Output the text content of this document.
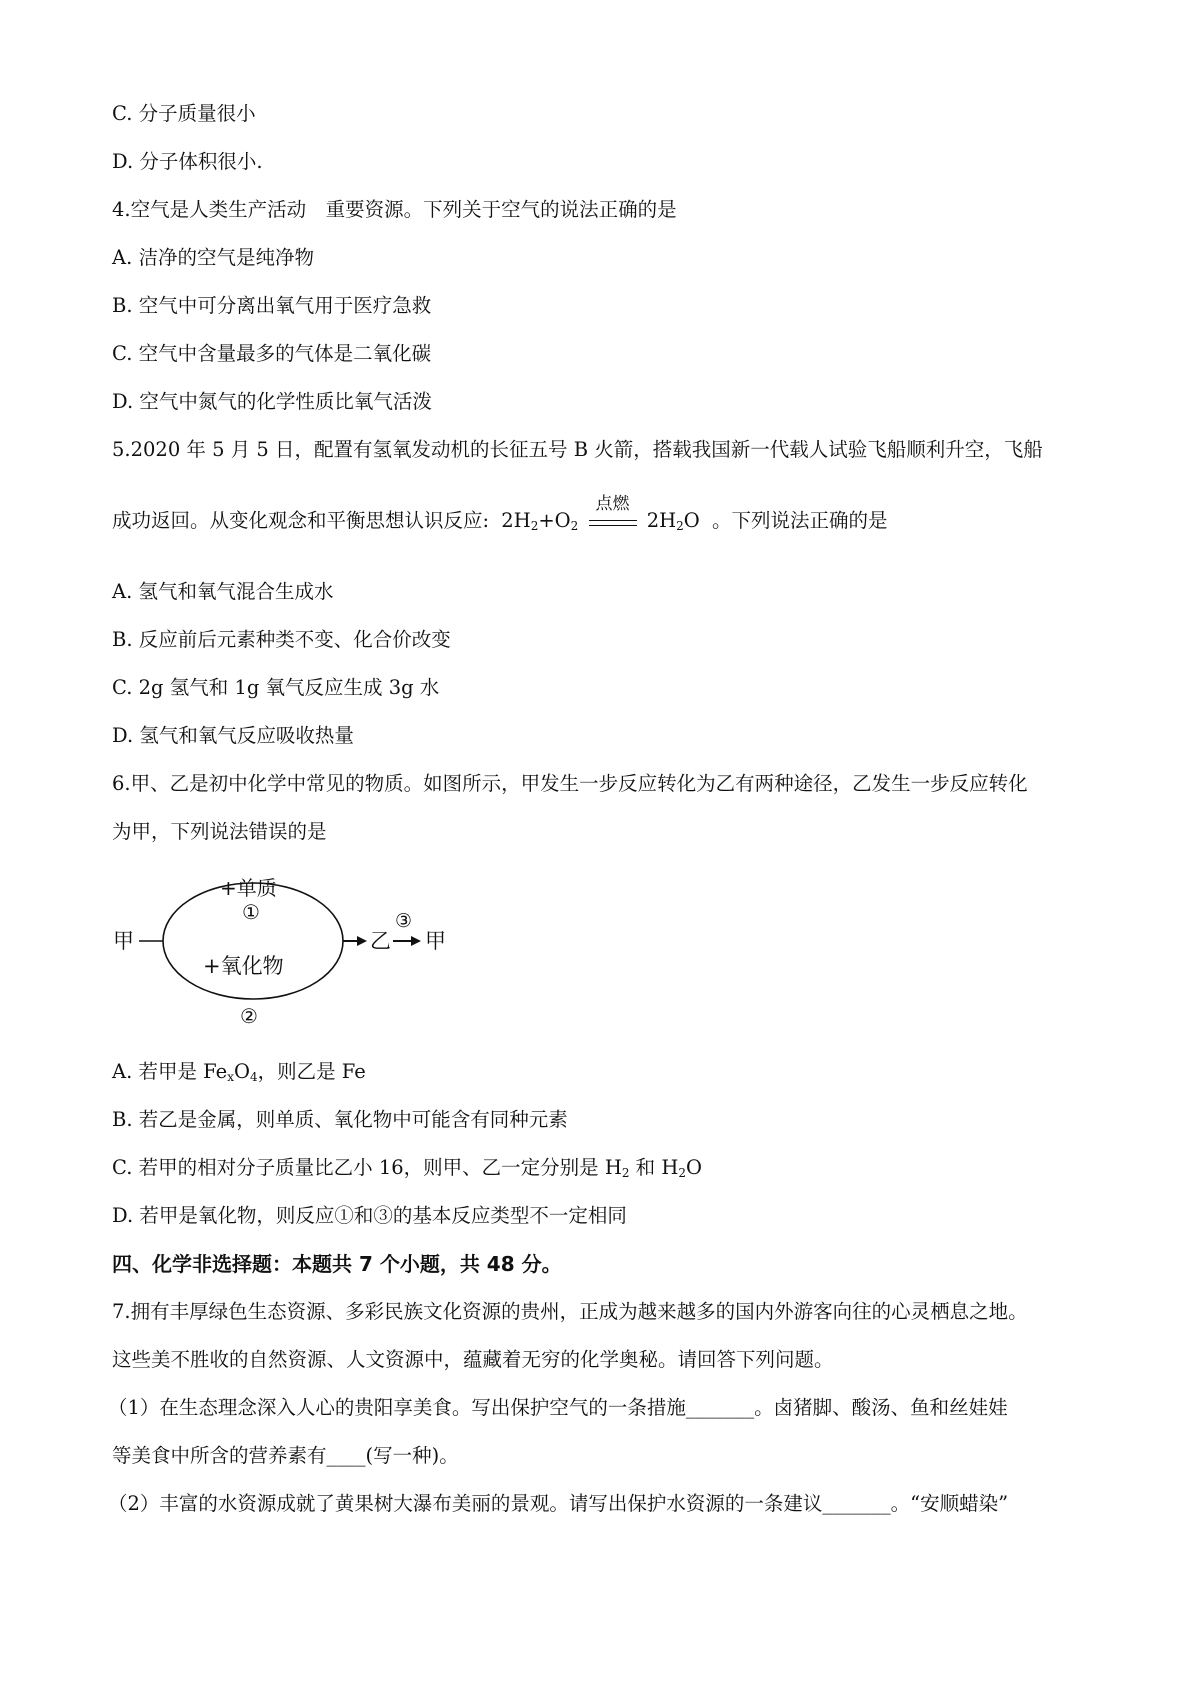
C. 分子质量很小
D. 分子体积很小.
4.空气是人类生产活动　重要资源。下列关于空气的说法正确的是
A. 洁净的空气是纯净物
B. 空气中可分离出氧气用于医疗急救
C. 空气中含量最多的气体是二氧化碳
D. 空气中氮气的化学性质比氧气活泼
5.2020 年 5 月 5 日，配置有氢氧发动机的长征五号 B 火箭，搭载我国新一代载人试验飞船顺利升空，飞船
成功返回。从变化观念和平衡思想认识反应: $2H_2+O_2$
点燃
$2H_2O$ 。下列说法正确的是
A. 氢气和氧气混合生成水
B. 反应前后元素种类不变、化合价改变
C. 2g 氢气和 1g 氧气反应生成 3g 水
D. 氢气和氧气反应吸收热量
6.甲、乙是初中化学中常见的物质。如图所示，甲发生一步反应转化为乙有两种途径，乙发生一步反应转化
为甲，下列说法错误的是
甲
+单质
①
+氧化物
②
乙
③
甲
A. 若甲是 $Fe_xO_4$，则乙是 Fe
B. 若乙是金属，则单质、氧化物中可能含有同种元素
C. 若甲的相对分子质量比乙小 16，则甲、乙一定分别是 $H_2$ 和 $H_2O$
D. 若甲是氧化物，则反应①和③的基本反应类型不一定相同
四、化学非选择题：本题共 7 个小题，共 48 分。
7.拥有丰厚绿色生态资源、多彩民族文化资源的贵州，正成为越来越多的国内外游客向往的心灵栖息之地。
这些美不胜收的自然资源、人文资源中，蕴藏着无穷的化学奥秘。请回答下列问题。
（1）在生态理念深入人心的贵阳享美食。写出保护空气的一条措施_______。卤猪脚、酸汤、鱼和丝娃娃
等美食中所含的营养素有____(写一种)。
（2）丰富的水资源成就了黄果树大瀑布美丽的景观。请写出保护水资源的一条建议_______。“安顺蜡染”
